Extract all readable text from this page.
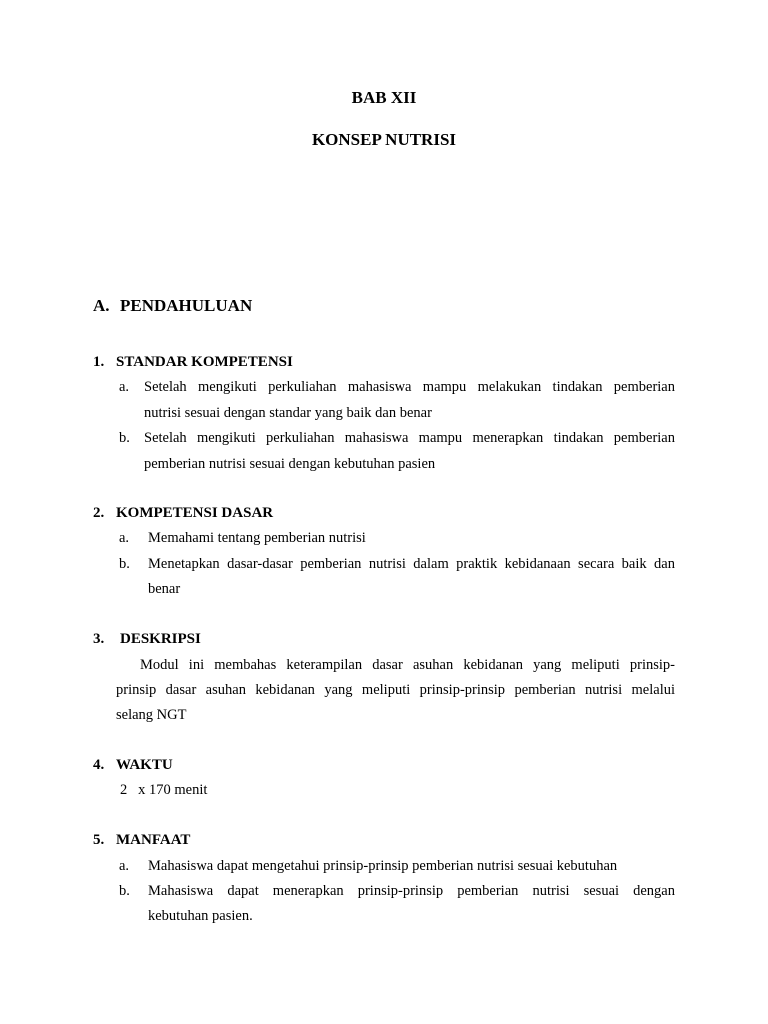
BAB XII
KONSEP NUTRISI
A. PENDAHULUAN
1. STANDAR KOMPETENSI
a. Setelah mengikuti perkuliahan mahasiswa mampu melakukan tindakan pemberian
nutrisi sesuai dengan standar yang baik dan benar
b. Setelah mengikuti perkuliahan mahasiswa mampu menerapkan tindakan pemberian
pemberian nutrisi sesuai dengan kebutuhan pasien
2. KOMPETENSI DASAR
a. Memahami tentang pemberian nutrisi
b. Menetapkan dasar-dasar pemberian nutrisi dalam praktik kebidanaan secara baik dan
benar
3. DESKRIPSI
Modul ini membahas keterampilan dasar asuhan kebidanan yang meliputi prinsip-
prinsip dasar asuhan kebidanan yang meliputi prinsip-prinsip pemberian nutrisi melalui
selang NGT
4. WAKTU
2   x 170 menit
5. MANFAAT
a. Mahasiswa dapat mengetahui prinsip-prinsip pemberian nutrisi sesuai kebutuhan
b. Mahasiswa dapat menerapkan prinsip-prinsip pemberian nutrisi sesuai dengan
kebutuhan pasien.
